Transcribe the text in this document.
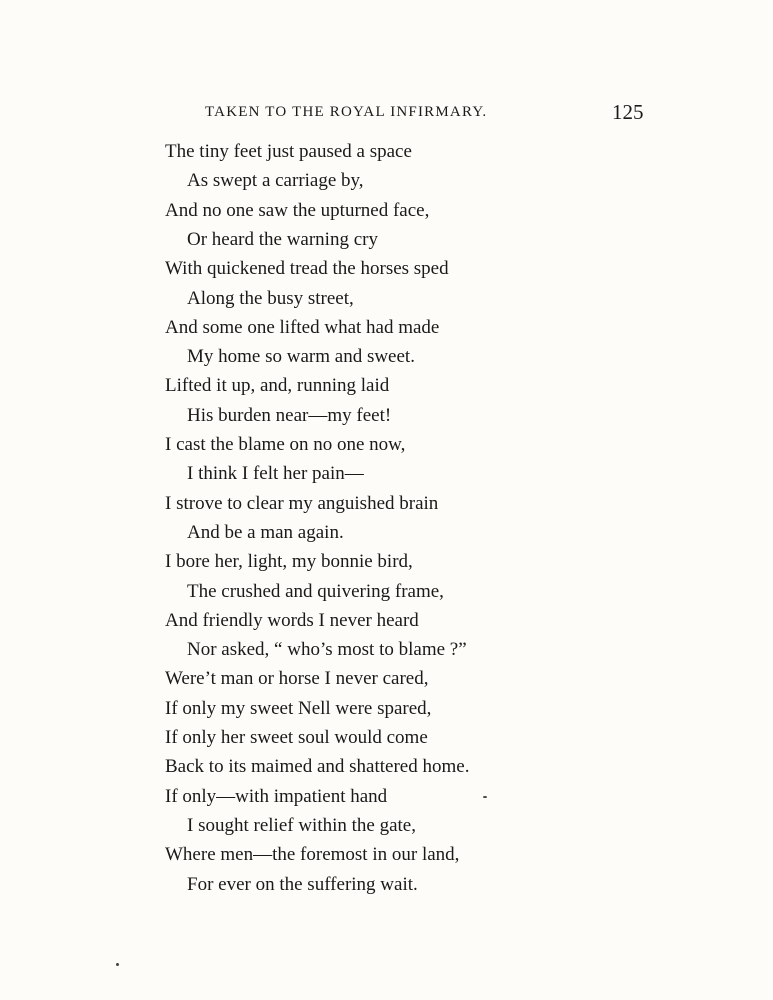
TAKEN TO THE ROYAL INFIRMARY.	125
The tiny feet just paused a space
As swept a carriage by,
And no one saw the upturned face,
Or heard the warning cry
With quickened tread the horses sped
Along the busy street,
And some one lifted what had made
My home so warm and sweet.
Lifted it up, and, running laid
His burden near—my feet!
I cast the blame on no one now,
I think I felt her pain—
I strove to clear my anguished brain
And be a man again.
I bore her, light, my bonnie bird,
The crushed and quivering frame,
And friendly words I never heard
Nor asked, “ who’s most to blame ?”
Were’t man or horse I never cared,
If only my sweet Nell were spared,
If only her sweet soul would come
Back to its maimed and shattered home.
If only—with impatient hand
I sought relief within the gate,
Where men—the foremost in our land,
For ever on the suffering wait.
